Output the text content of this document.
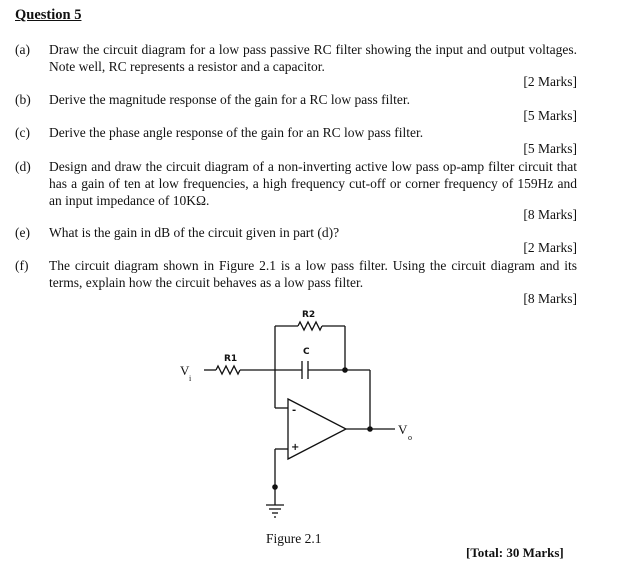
Question 5
(a) Draw the circuit diagram for a low pass passive RC filter showing the input and output voltages. Note well, RC represents a resistor and a capacitor.
[2 Marks]
(b) Derive the magnitude response of the gain for a RC low pass filter.
[5 Marks]
(c) Derive the phase angle response of the gain for an RC low pass filter.
[5 Marks]
(d) Design and draw the circuit diagram of a non-inverting active low pass op-amp filter circuit that has a gain of ten at low frequencies, a high frequency cut-off or corner frequency of 159Hz and an input impedance of 10KΩ.
[8 Marks]
(e) What is the gain in dB of the circuit given in part (d)?
[2 Marks]
(f) The circuit diagram shown in Figure 2.1 is a low pass filter. Using the circuit diagram and its terms, explain how the circuit behaves as a low pass filter.
[8 Marks]
V
i
R1
R2
C
-
+
V
o
Figure 2.1
[Total: 30 Marks]
